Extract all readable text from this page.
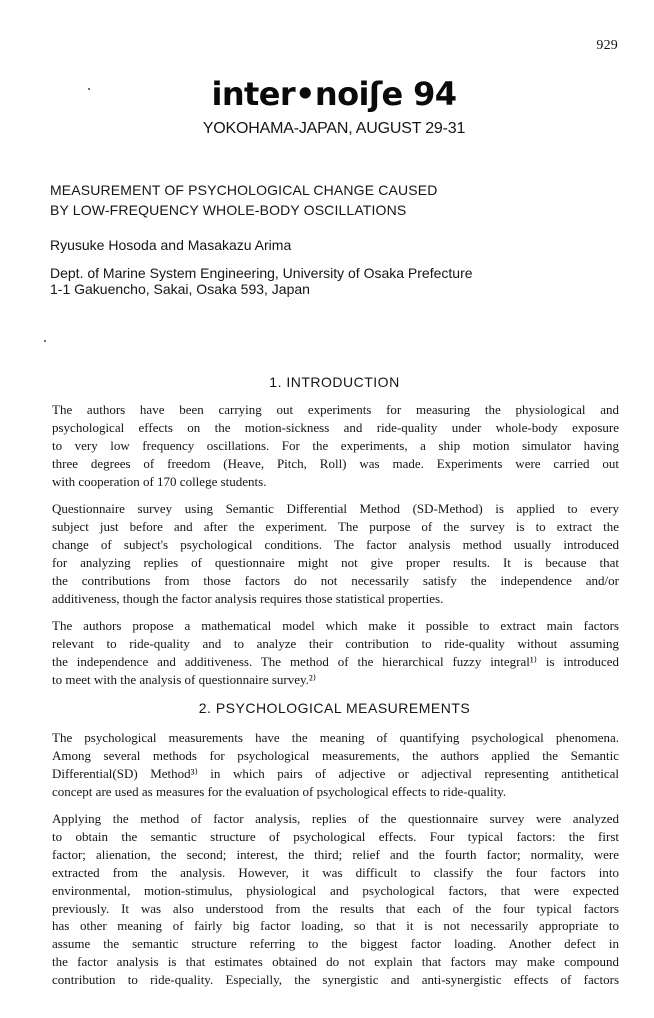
929
inter•noiʃe 94
YOKOHAMA-JAPAN, AUGUST 29-31
MEASUREMENT OF PSYCHOLOGICAL CHANGE CAUSED
BY LOW-FREQUENCY WHOLE-BODY OSCILLATIONS
Ryusuke Hosoda and Masakazu Arima
Dept. of Marine System Engineering, University of Osaka Prefecture
1-1 Gakuencho, Sakai, Osaka 593, Japan
1. INTRODUCTION
The authors have been carrying out experiments for measuring the physiological and
psychological effects on the motion-sickness and ride-quality under whole-body exposure
to very low frequency oscillations. For the experiments, a ship motion simulator having
three degrees of freedom (Heave, Pitch, Roll) was made. Experiments were carried out
with cooperation of 170 college students.
Questionnaire survey using Semantic Differential Method (SD-Method) is applied to every
subject just before and after the experiment. The purpose of the survey is to extract the
change of subject's psychological conditions. The factor analysis method usually introduced
for analyzing replies of questionnaire might not give proper results. It is because that
the contributions from those factors do not necessarily satisfy the independence and/or
additiveness, though the factor analysis requires those statistical properties.
The authors propose a mathematical model which make it possible to extract main factors
relevant to ride-quality and to analyze their contribution to ride-quality without assuming
the independence and additiveness. The method of the hierarchical fuzzy integral¹⁾ is introduced
to meet with the analysis of questionnaire survey.²⁾
2. PSYCHOLOGICAL MEASUREMENTS
The psychological measurements have the meaning of quantifying psychological phenomena.
Among several methods for psychological measurements, the authors applied the Semantic
Differential(SD) Method³⁾ in which pairs of adjective or adjectival representing antithetical
concept are used as measures for the evaluation of psychological effects to ride-quality.
Applying the method of factor analysis, replies of the questionnaire survey were analyzed
to obtain the semantic structure of psychological effects. Four typical factors: the first
factor; alienation, the second; interest, the third; relief and the fourth factor; normality, were
extracted from the analysis. However, it was difficult to classify the four factors into
environmental, motion-stimulus, physiological and psychological factors, that were expected
previously. It was also understood from the results that each of the four typical factors
has other meaning of fairly big factor loading, so that it is not necessarily appropriate to
assume the semantic structure referring to the biggest factor loading. Another defect in
the factor analysis is that estimates obtained do not explain that factors may make compound
contribution to ride-quality. Especially, the synergistic and anti-synergistic effects of factors
